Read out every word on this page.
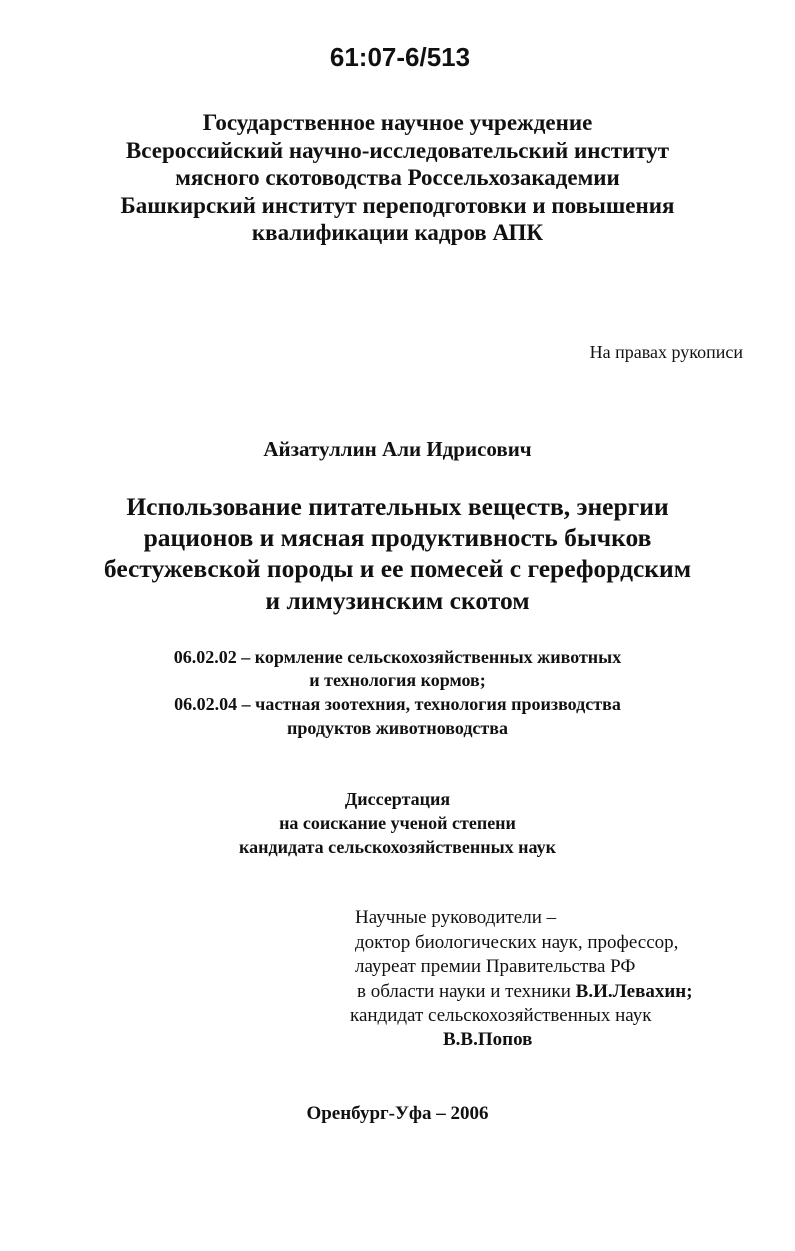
61:07-6/513
Государственное научное учреждение
Всероссийский научно-исследовательский институт
мясного скотоводства Россельхозакадемии
Башкирский институт переподготовки и повышения
квалификации кадров АПК
На правах рукописи
Айзатуллин Али Идрисович
Использование питательных веществ, энергии
рационов и мясная продуктивность бычков
бестужевской породы и ее помесей с герефордским
и лимузинским скотом
06.02.02 – кормление сельскохозяйственных животных
и технология кормов;
06.02.04 – частная зоотехния, технология производства
продуктов животноводства
Диссертация
на соискание ученой степени
кандидата сельскохозяйственных наук
Научные руководители –
доктор биологических наук, профессор,
лауреат премии Правительства РФ
в области науки и техники В.И.Левахин;
кандидат сельскохозяйственных наук
В.В.Попов
Оренбург-Уфа – 2006
